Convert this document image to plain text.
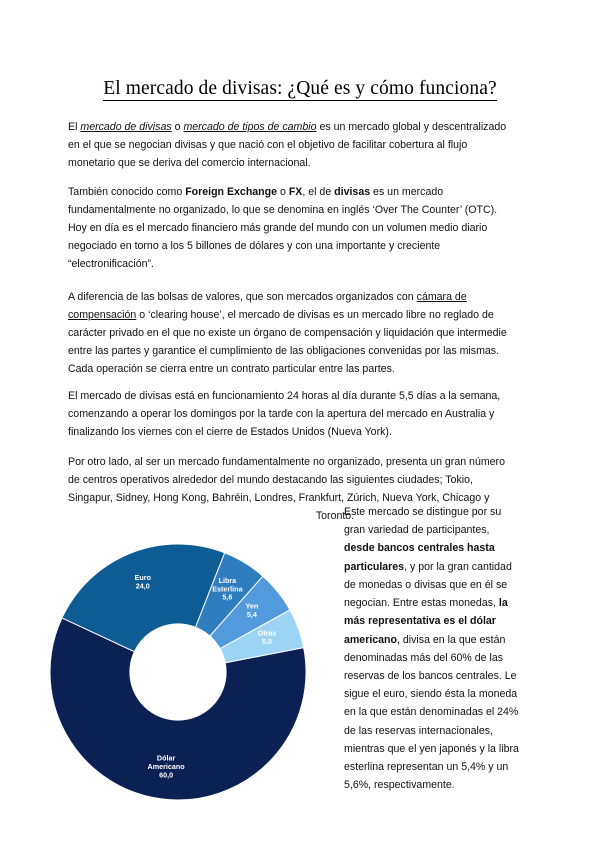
El mercado de divisas: ¿Qué es y cómo funciona?

El mercado de divisas o mercado de tipos de cambio es un mercado global y descentralizado en el que se negocian divisas y que nació con el objetivo de facilitar cobertura al flujo monetario que se deriva del comercio internacional.

También conocido como Foreign Exchange o FX, el de divisas es un mercado fundamentalmente no organizado, lo que se denomina en inglés ‘Over The Counter’ (OTC). Hoy en día es el mercado financiero más grande del mundo con un volumen medio diario negociado en torno a los 5 billones de dólares y con una importante y creciente “electronificación”.

A diferencia de las bolsas de valores, que son mercados organizados con cámara de compensación o ‘clearing house’, el mercado de divisas es un mercado libre no reglado de carácter privado en el que no existe un órgano de compensación y liquidación que intermedie entre las partes y garantice el cumplimiento de las obligaciones convenidas por las mismas. Cada operación se cierra entre un contrato particular entre las partes.

El mercado de divisas está en funcionamiento 24 horas al día durante 5,5 días a la semana, comenzando a operar los domingos por la tarde con la apertura del mercado en Australia y finalizando los viernes con el cierre de Estados Unidos (Nueva York).

Por otro lado, al ser un mercado fundamentalmente no organizado, presenta un gran número de centros operativos alrededor del mundo destacando las siguientes ciudades; Tokio, Singapur, Sidney, Hong Kong, Bahréin, Londres, Frankfurt, Zúrich, Nueva York, Chicago y
Toronto.

Dólar Americano 60,0
Euro 24,0
Libra Esterlina 5,6
Yen 5,4
Otras 5,0
Este mercado se distingue por su gran variedad de participantes, desde bancos centrales hasta particulares, y por la gran cantidad de monedas o divisas que en él se negocian. Entre estas monedas, la más representativa es el dólar americano, divisa en la que están denominadas más del 60% de las reservas de los bancos centrales. Le sigue el euro, siendo ésta la moneda en la que están denominadas el 24% de las reservas internacionales, mientras que el yen japonés y la libra esterlina representan un 5,4% y un 5,6%, respectivamente.
